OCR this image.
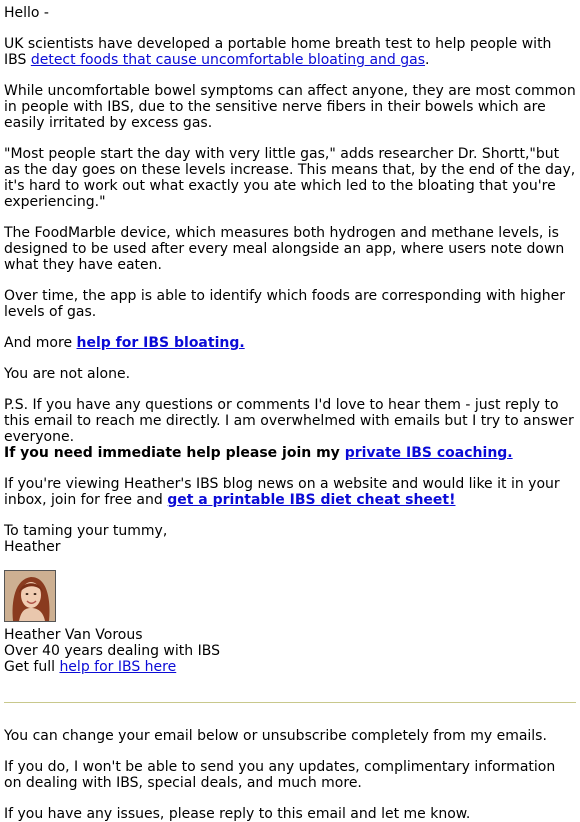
Hello -

UK scientists have developed a portable home breath test to help people with IBS detect foods that cause uncomfortable bloating and gas.

While uncomfortable bowel symptoms can affect anyone, they are most common in people with IBS, due to the sensitive nerve fibers in their bowels which are easily irritated by excess gas.

"Most people start the day with very little gas," adds researcher Dr. Shortt,"but as the day goes on these levels increase. This means that, by the end of the day, it's hard to work out what exactly you ate which led to the bloating that you're experiencing."

The FoodMarble device, which measures both hydrogen and methane levels, is designed to be used after every meal alongside an app, where users note down what they have eaten.

Over time, the app is able to identify which foods are corresponding with higher levels of gas.

And more help for IBS bloating.

You are not alone.

P.S. If you have any questions or comments I'd love to hear them - just reply to this email to reach me directly. I am overwhelmed with emails but I try to answer everyone.
If you need immediate help please join my private IBS coaching.

If you're viewing Heather's IBS blog news on a website and would like it in your inbox, join for free and get a printable IBS diet cheat sheet!

To taming your tummy,
Heather

Heather Van Vorous

Over 40 years dealing with IBS

Get full help for IBS here

You can change your email below or unsubscribe completely from my emails.

If you do, I won't be able to send you any updates, complimentary information on dealing with IBS, special deals, and much more.

If you have any issues, please reply to this email and let me know.
